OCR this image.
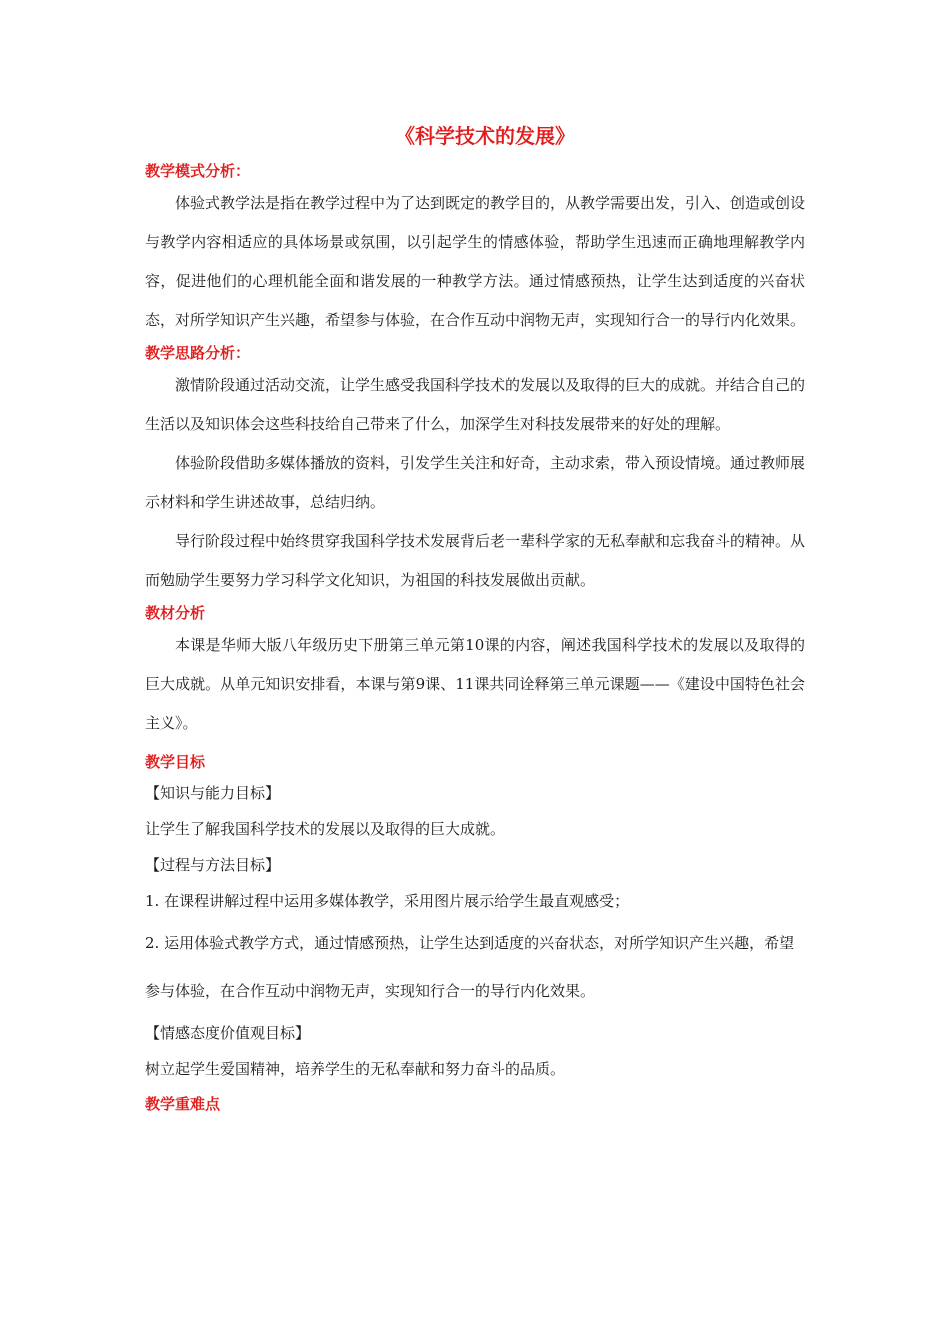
《科学技术的发展》

教学模式分析：

体验式教学法是指在教学过程中为了达到既定的教学目的，从教学需要出发，引入、创造或创设与教学内容相适应的具体场景或氛围，以引起学生的情感体验，帮助学生迅速而正确地理解教学内容，促进他们的心理机能全面和谐发展的一种教学方法。通过情感预热，让学生达到适度的兴奋状态，对所学知识产生兴趣，希望参与体验，在合作互动中润物无声，实现知行合一的导行内化效果。

教学思路分析：

激情阶段通过活动交流，让学生感受我国科学技术的发展以及取得的巨大的成就。并结合自己的生活以及知识体会这些科技给自己带来了什么，加深学生对科技发展带来的好处的理解。

体验阶段借助多媒体播放的资料，引发学生关注和好奇，主动求索，带入预设情境。通过教师展示材料和学生讲述故事，总结归纳。

导行阶段过程中始终贯穿我国科学技术发展背后老一辈科学家的无私奉献和忘我奋斗的精神。从而勉励学生要努力学习科学文化知识，为祖国的科技发展做出贡献。

教材分析

本课是华师大版八年级历史下册第三单元第10课的内容，阐述我国科学技术的发展以及取得的巨大成就。从单元知识安排看，本课与第9课、11课共同诠释第三单元课题——《建设中国特色社会主义》。

教学目标

【知识与能力目标】

让学生了解我国科学技术的发展以及取得的巨大成就。

【过程与方法目标】

1. 在课程讲解过程中运用多媒体教学，采用图片展示给学生最直观感受；

2. 运用体验式教学方式，通过情感预热，让学生达到适度的兴奋状态，对所学知识产生兴趣，希望参与体验，在合作互动中润物无声，实现知行合一的导行内化效果。

【情感态度价值观目标】

树立起学生爱国精神，培养学生的无私奉献和努力奋斗的品质。

教学重难点
